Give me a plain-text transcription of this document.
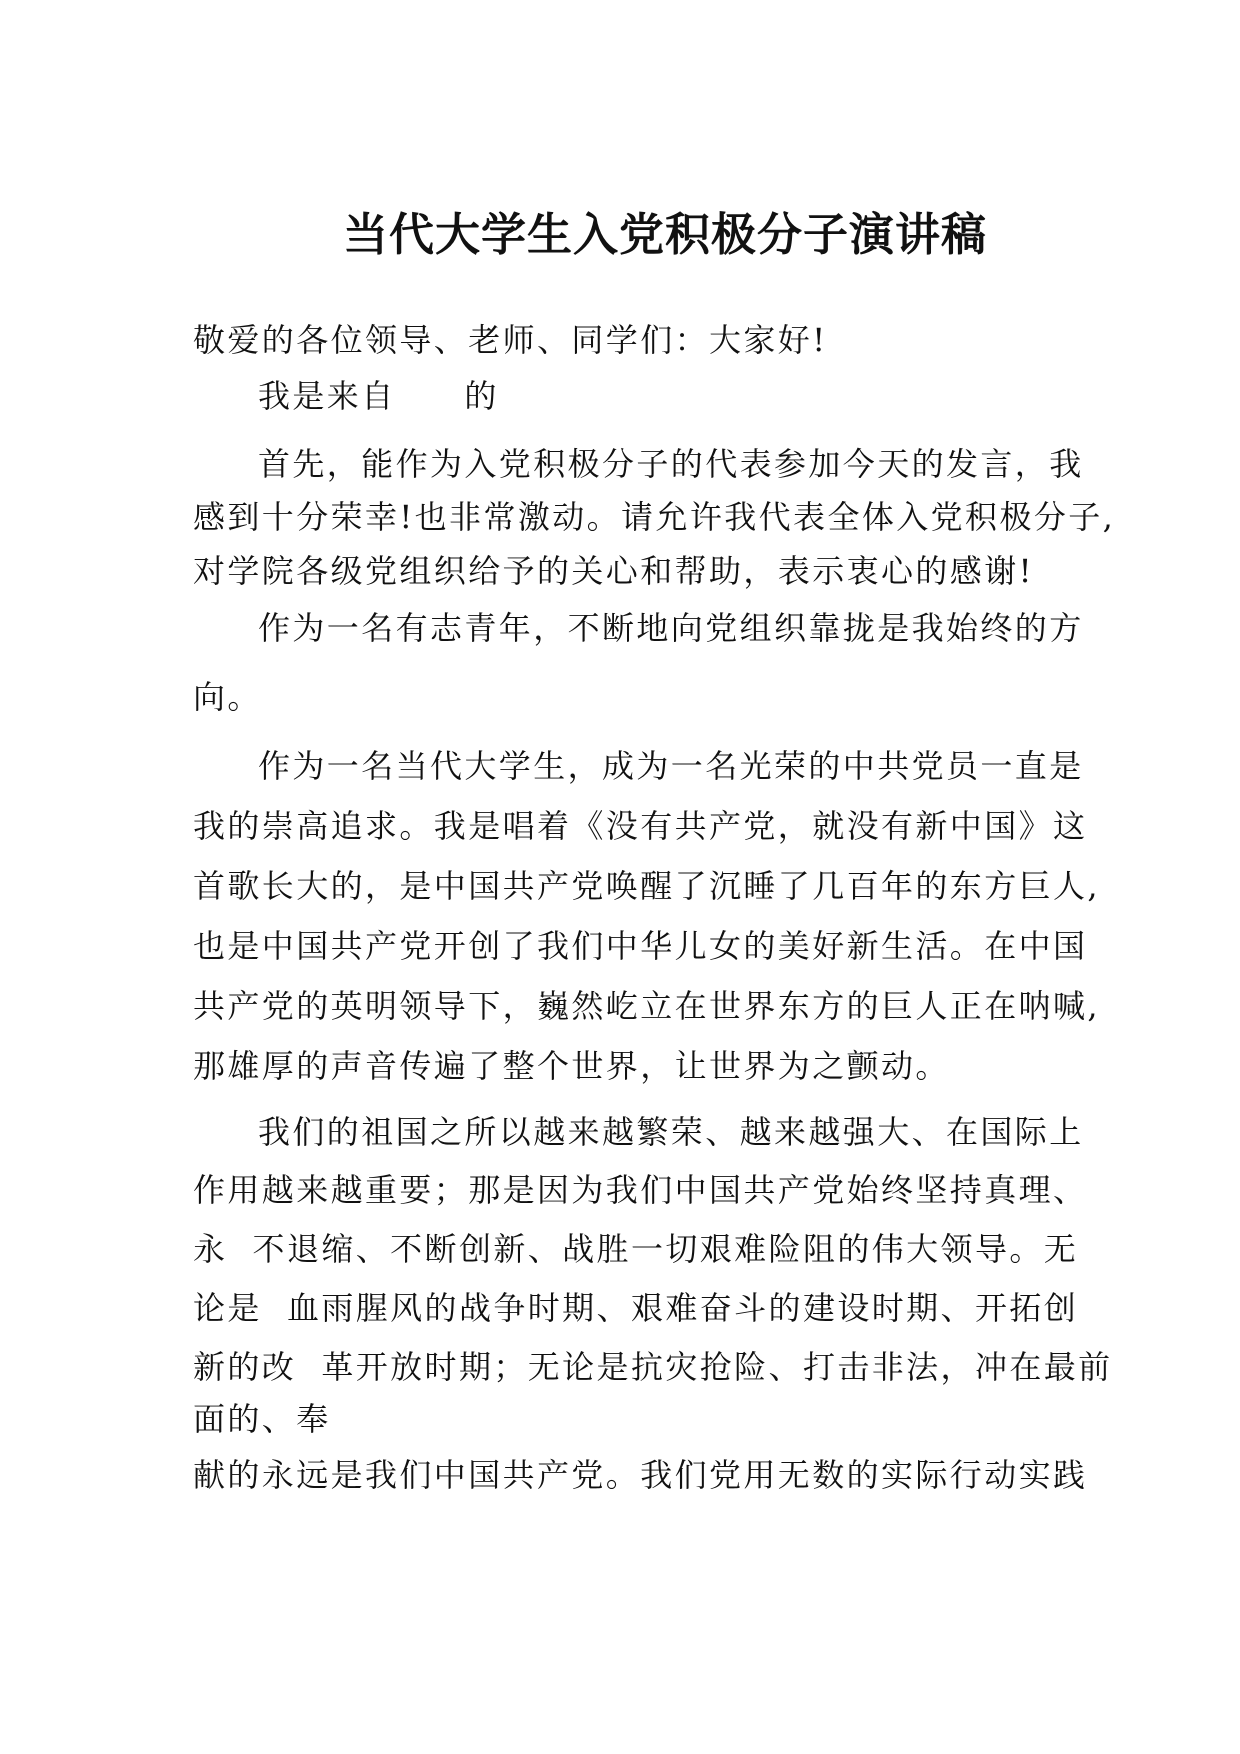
当代大学生入党积极分子演讲稿
敬爱的各位领导、老师、同学们：大家好!
我是来自　　的
首先，能作为入党积极分子的代表参加今天的发言，我
感到十分荣幸!也非常激动。请允许我代表全体入党积极分子,
对学院各级党组织给予的关心和帮助，表示衷心的感谢!
作为一名有志青年，不断地向党组织靠拢是我始终的方
向。
作为一名当代大学生，成为一名光荣的中共党员一直是
我的崇高追求。我是唱着《没有共产党，就没有新中国》这
首歌长大的，是中国共产党唤醒了沉睡了几百年的东方巨人,
也是中国共产党开创了我们中华儿女的美好新生活。在中国
共产党的英明领导下，巍然屹立在世界东方的巨人正在呐喊,
那雄厚的声音传遍了整个世界，让世界为之颤动。
我们的祖国之所以越来越繁荣、越来越强大、在国际上
作用越来越重要；那是因为我们中国共产党始终坚持真理、
永  不退缩、不断创新、战胜一切艰难险阻的伟大领导。无
论是  血雨腥风的战争时期、艰难奋斗的建设时期、开拓创
新的改  革开放时期；无论是抗灾抢险、打击非法，冲在最前
面的、奉
献的永远是我们中国共产党。我们党用无数的实际行动实践
